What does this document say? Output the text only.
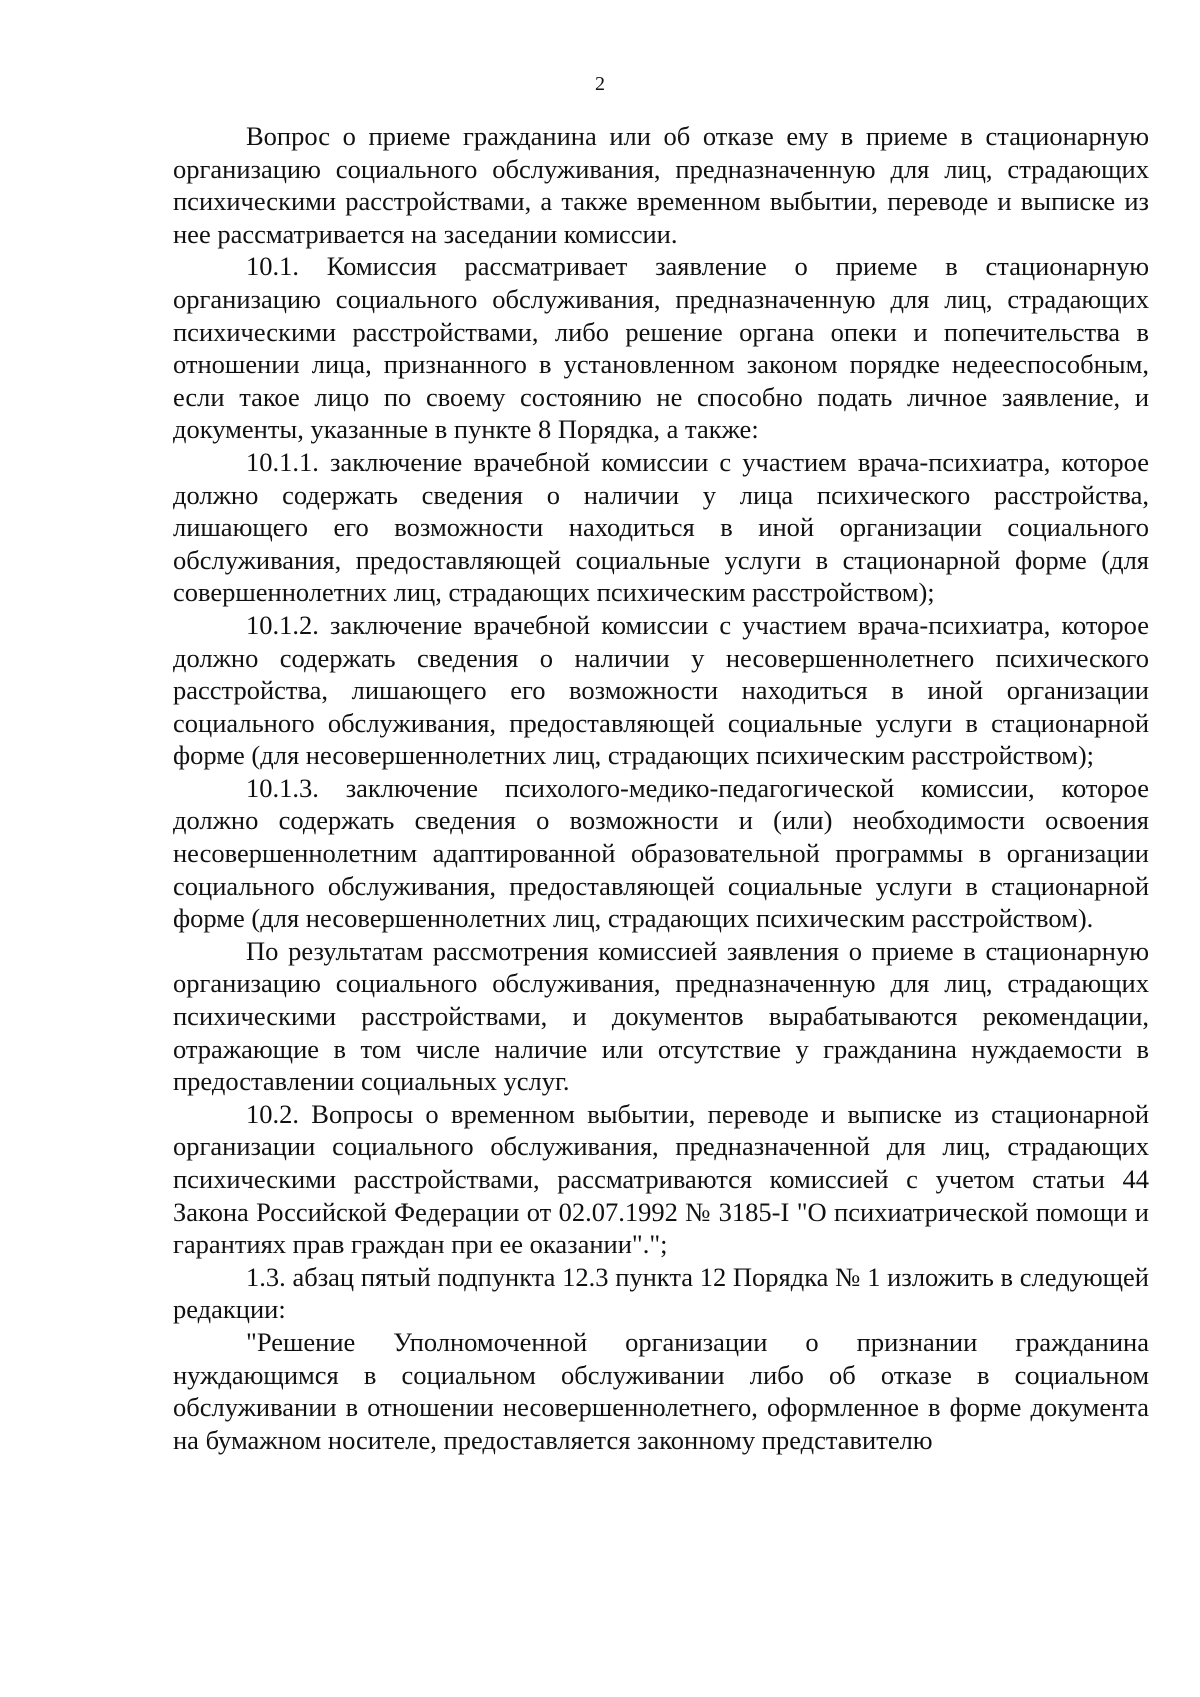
2

Вопрос о приеме гражданина или об отказе ему в приеме в стационарную организацию социального обслуживания, предназначенную для лиц, страдающих психическими расстройствами, а также временном выбытии, переводе и выписке из нее рассматривается на заседании комиссии.

10.1. Комиссия рассматривает заявление о приеме в стационарную организацию социального обслуживания, предназначенную для лиц, страдающих психическими расстройствами, либо решение органа опеки и попечительства в отношении лица, признанного в установленном законом порядке недееспособным, если такое лицо по своему состоянию не способно подать личное заявление, и документы, указанные в пункте 8 Порядка, а также:

10.1.1. заключение врачебной комиссии с участием врача-психиатра, которое должно содержать сведения о наличии у лица психического расстройства, лишающего его возможности находиться в иной организации социального обслуживания, предоставляющей социальные услуги в стационарной форме (для совершеннолетних лиц, страдающих психическим расстройством);

10.1.2. заключение врачебной комиссии с участием врача-психиатра, которое должно содержать сведения о наличии у несовершеннолетнего психического расстройства, лишающего его возможности находиться в иной организации социального обслуживания, предоставляющей социальные услуги в стационарной форме (для несовершеннолетних лиц, страдающих психическим расстройством);

10.1.3. заключение психолого-медико-педагогической комиссии, которое должно содержать сведения о возможности и (или) необходимости освоения несовершеннолетним адаптированной образовательной программы в организации социального обслуживания, предоставляющей социальные услуги в стационарной форме (для несовершеннолетних лиц, страдающих психическим расстройством).

По результатам рассмотрения комиссией заявления о приеме в стационарную организацию социального обслуживания, предназначенную для лиц, страдающих психическими расстройствами, и документов вырабатываются рекомендации, отражающие в том числе наличие или отсутствие у гражданина нуждаемости в предоставлении социальных услуг.

10.2. Вопросы о временном выбытии, переводе и выписке из стационарной организации социального обслуживания, предназначенной для лиц, страдающих психическими расстройствами, рассматриваются комиссией с учетом статьи 44 Закона Российской Федерации от 02.07.1992 № 3185-I "О психиатрической помощи и гарантиях прав граждан при ее оказании".";

1.3. абзац пятый подпункта 12.3 пункта 12 Порядка № 1 изложить в следующей редакции:

"Решение Уполномоченной организации о признании гражданина нуждающимся в социальном обслуживании либо об отказе в социальном обслуживании в отношении несовершеннолетнего, оформленное в форме документа на бумажном носителе, предоставляется законному представителю
